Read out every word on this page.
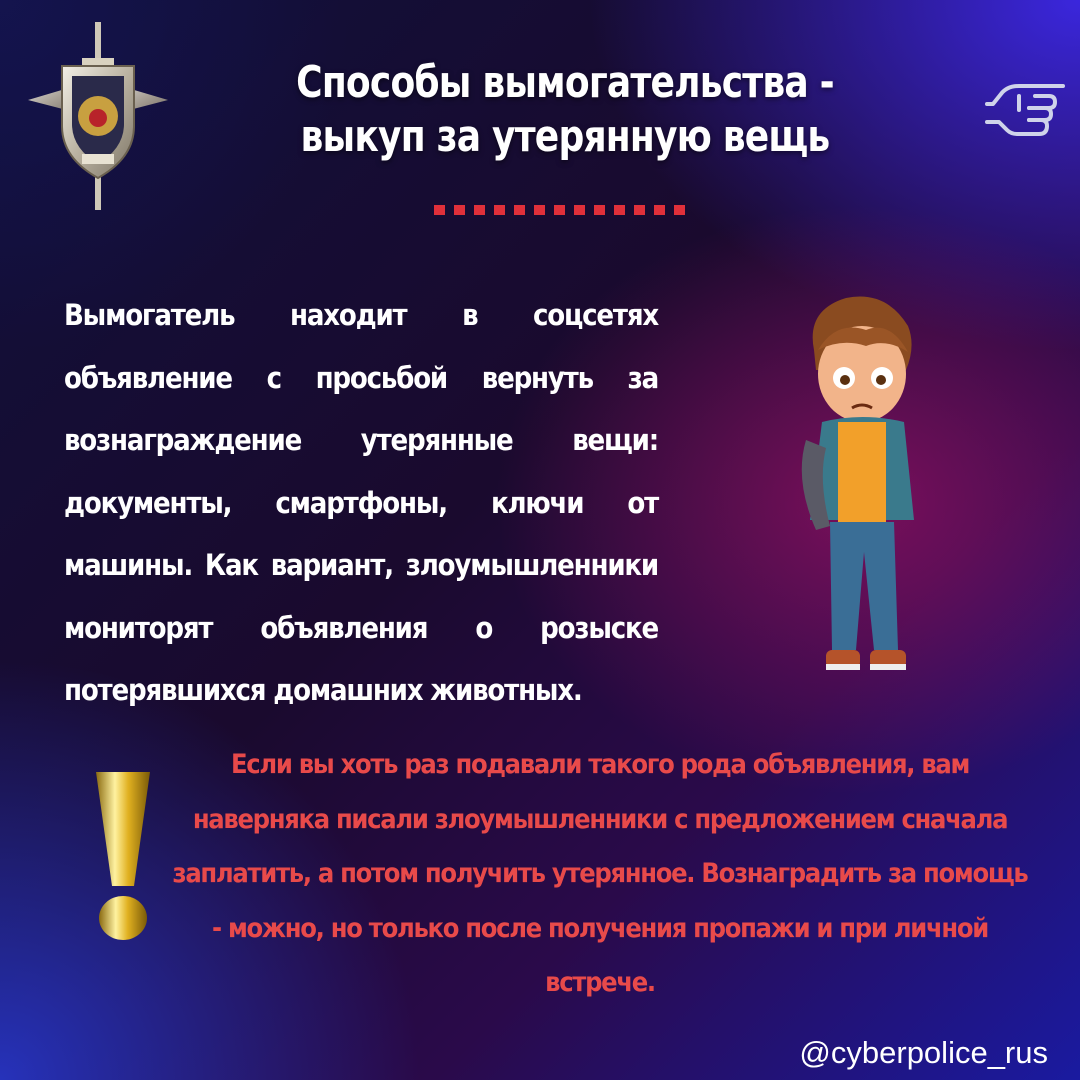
Способы вымогательства -
выкуп за утерянную вещь
Вымогатель находит в соцсетях объявление с просьбой вернуть за вознаграждение утерянные вещи: документы, смартфоны, ключи от машины. Как вариант, злоумышленники мониторят объявления о розыске потерявшихся домашних животных.
Если вы хоть раз подавали такого рода объявления, вам наверняка писали злоумышленники с предложением сначала заплатить, а потом получить утерянное. Вознаградить за помощь - можно, но только после получения пропажи и при личной встрече.
@cyberpolice_rus
